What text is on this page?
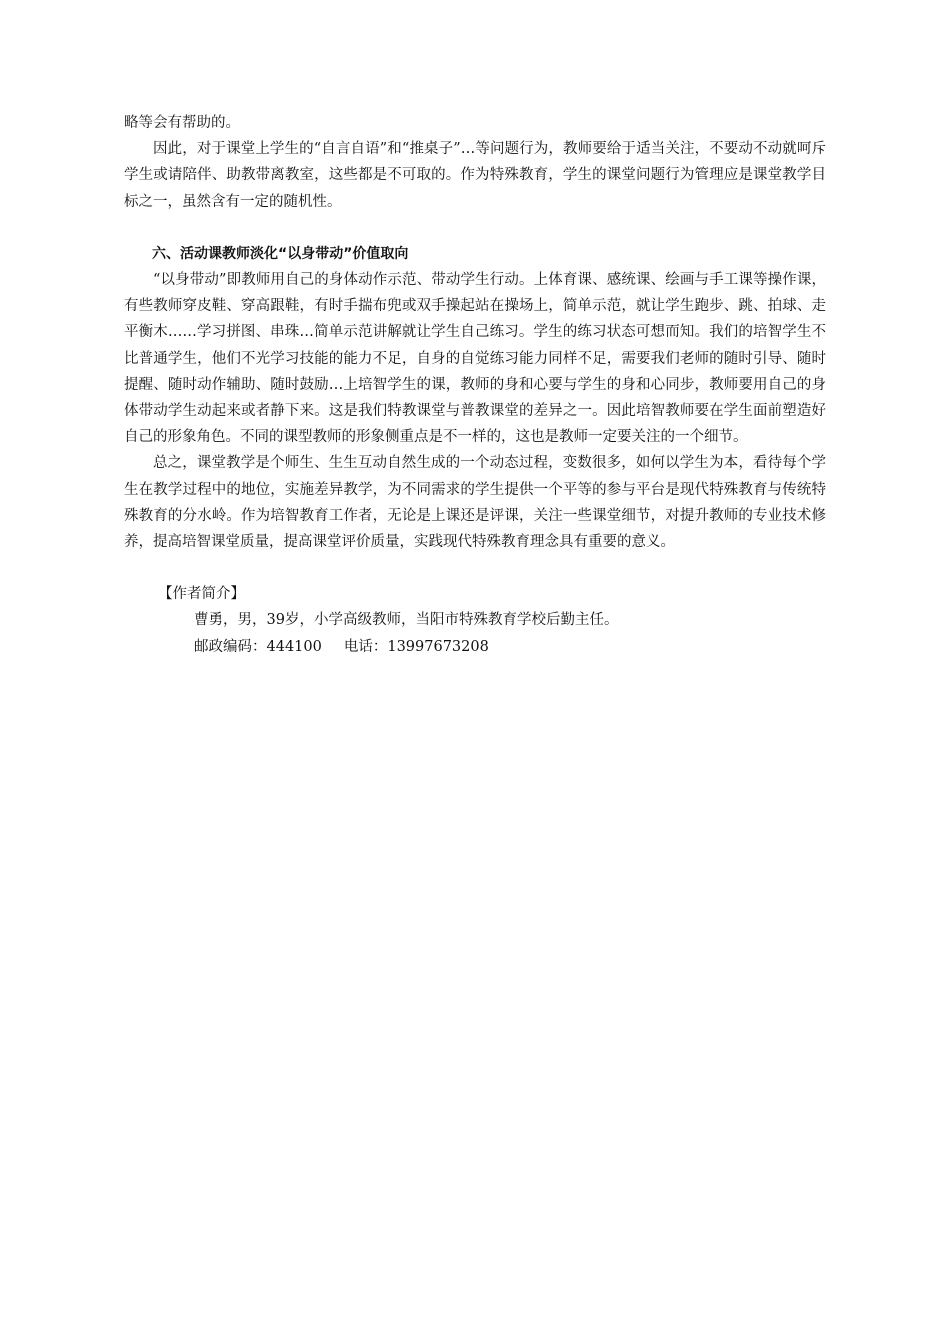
略等会有帮助的。

因此，对于课堂上学生的“自言自语”和“推桌子”…等问题行为，教师要给于适当关注，不要动不动就呵斥学生或请陪伴、助教带离教室，这些都是不可取的。作为特殊教育，学生的课堂问题行为管理应是课堂教学目标之一，虽然含有一定的随机性。

六、活动课教师淡化“以身带动”价值取向

“以身带动”即教师用自己的身体动作示范、带动学生行动。上体育课、感统课、绘画与手工课等操作课，有些教师穿皮鞋、穿高跟鞋，有时手揣布兜或双手操起站在操场上，简单示范，就让学生跑步、跳、拍球、走平衡木……学习拼图、串珠…简单示范讲解就让学生自己练习。学生的练习状态可想而知。我们的培智学生不比普通学生，他们不光学习技能的能力不足，自身的自觉练习能力同样不足，需要我们老师的随时引导、随时提醒、随时动作辅助、随时鼓励…上培智学生的课，教师的身和心要与学生的身和心同步，教师要用自己的身体带动学生动起来或者静下来。这是我们特教课堂与普教课堂的差异之一。因此培智教师要在学生面前塑造好自己的形象角色。不同的课型教师的形象侧重点是不一样的，这也是教师一定要关注的一个细节。

总之，课堂教学是个师生、生生互动自然生成的一个动态过程，变数很多，如何以学生为本，看待每个学生在教学过程中的地位，实施差异教学，为不同需求的学生提供一个平等的参与平台是现代特殊教育与传统特殊教育的分水岭。作为培智教育工作者，无论是上课还是评课，关注一些课堂细节，对提升教师的专业技术修养，提高培智课堂质量，提高课堂评价质量，实践现代特殊教育理念具有重要的意义。

【作者简介】

曹勇，男，39岁，小学高级教师，当阳市特殊教育学校后勤主任。

邮政编码：444100 电话：13997673208
